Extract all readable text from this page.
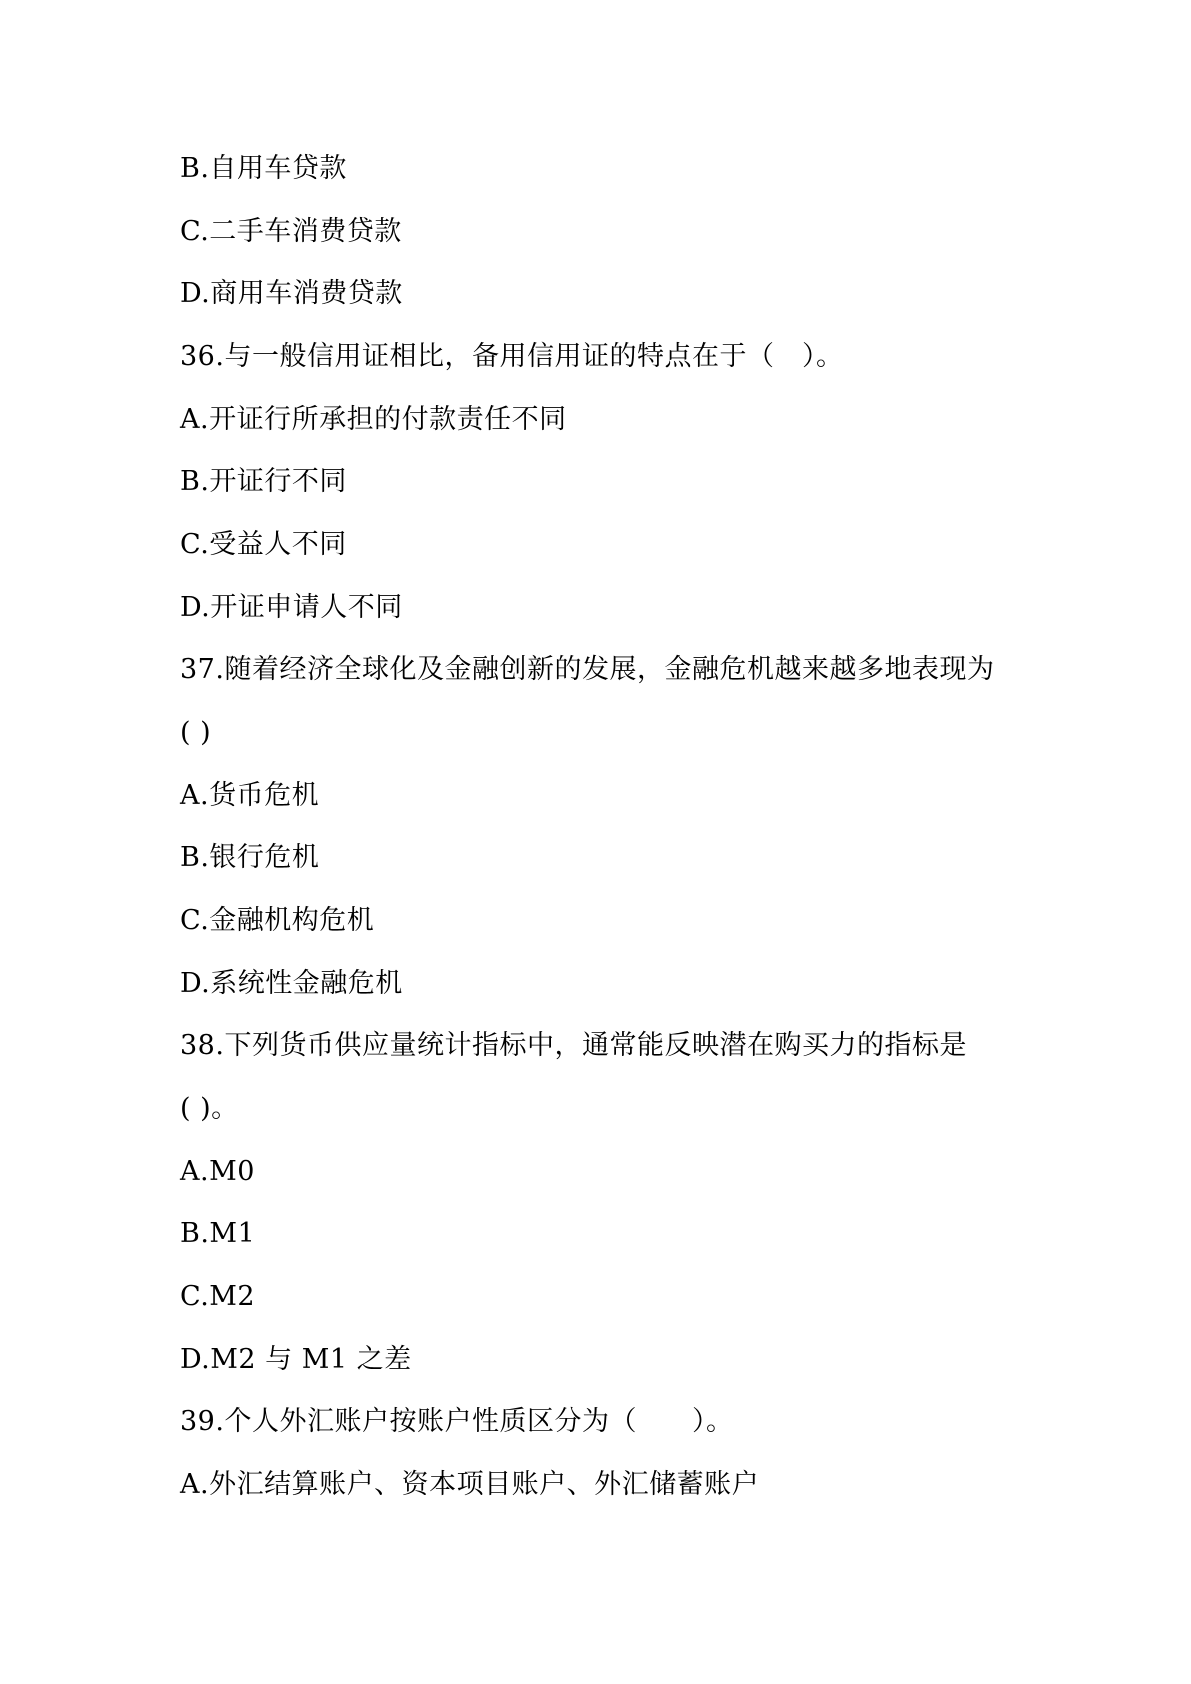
B.自用车贷款
C.二手车消费贷款
D.商用车消费贷款
36.与一般信用证相比，备用信用证的特点在于（　）。
A.开证行所承担的付款责任不同
B.开证行不同
C.受益人不同
D.开证申请人不同
37.随着经济全球化及金融创新的发展，金融危机越来越多地表现为
( )
A.货币危机
B.银行危机
C.金融机构危机
D.系统性金融危机
38.下列货币供应量统计指标中，通常能反映潜在购买力的指标是
( )。
A.M0
B.M1
C.M2
D.M2 与 M1 之差
39.个人外汇账户按账户性质区分为（　　）。
A.外汇结算账户、资本项目账户、外汇储蓄账户
